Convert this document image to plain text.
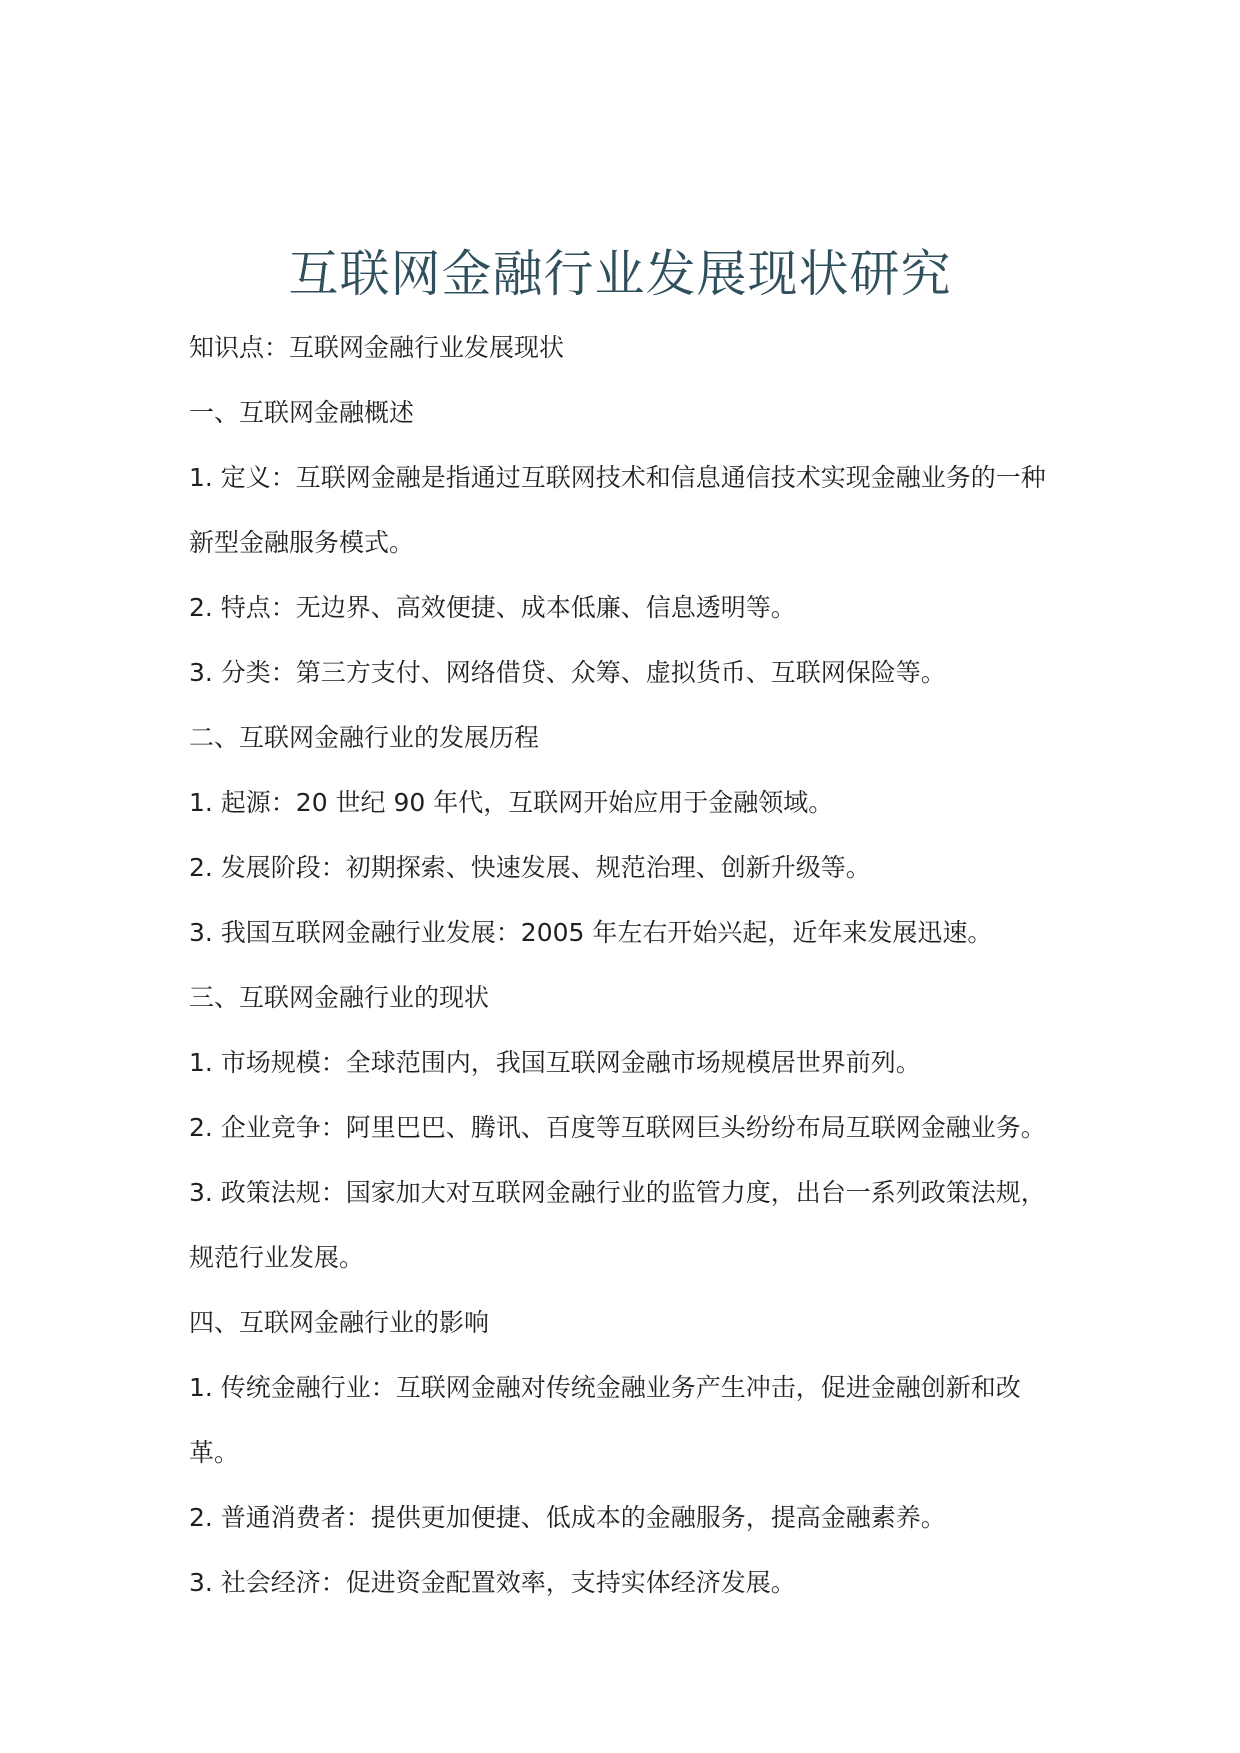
互联网金融行业发展现状研究
知识点：互联网金融行业发展现状
一、互联网金融概述
1. 定义：互联网金融是指通过互联网技术和信息通信技术实现金融业务的一种
新型金融服务模式。
2. 特点：无边界、高效便捷、成本低廉、信息透明等。
3. 分类：第三方支付、网络借贷、众筹、虚拟货币、互联网保险等。
二、互联网金融行业的发展历程
1. 起源：20 世纪 90 年代，互联网开始应用于金融领域。
2. 发展阶段：初期探索、快速发展、规范治理、创新升级等。
3. 我国互联网金融行业发展：2005 年左右开始兴起，近年来发展迅速。
三、互联网金融行业的现状
1. 市场规模：全球范围内，我国互联网金融市场规模居世界前列。
2. 企业竞争：阿里巴巴、腾讯、百度等互联网巨头纷纷布局互联网金融业务。
3. 政策法规：国家加大对互联网金融行业的监管力度，出台一系列政策法规，
规范行业发展。
四、互联网金融行业的影响
1. 传统金融行业：互联网金融对传统金融业务产生冲击，促进金融创新和改
革。
2. 普通消费者：提供更加便捷、低成本的金融服务，提高金融素养。
3. 社会经济：促进资金配置效率，支持实体经济发展。
